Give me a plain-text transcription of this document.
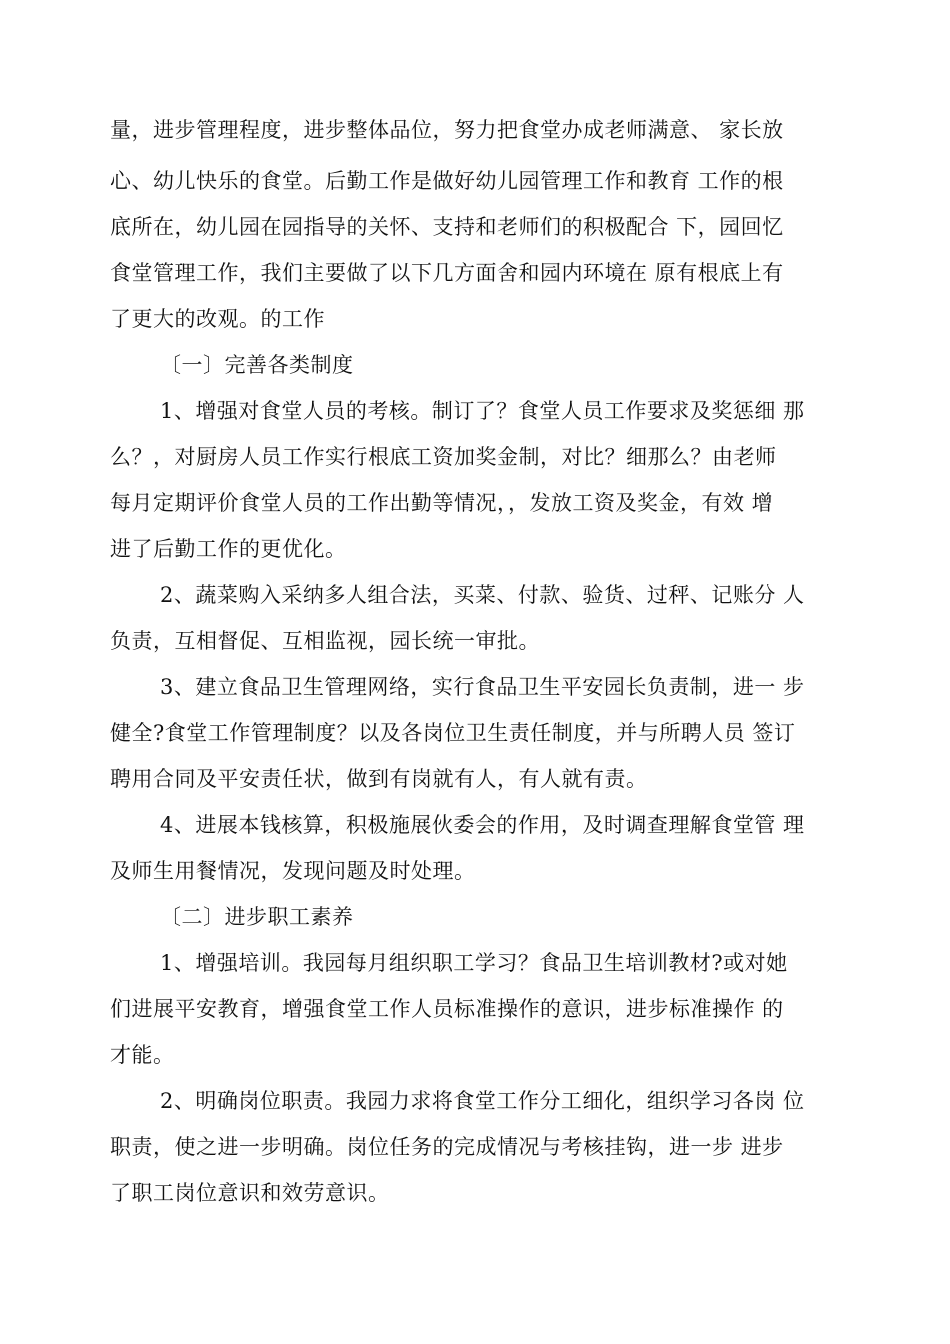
量，进步管理程度，进步整体品位，努力把食堂办成老师满意、 家长放
心、幼儿快乐的食堂。后勤工作是做好幼儿园管理工作和教育 工作的根
底所在，幼儿园在园指导的关怀、支持和老师们的积极配合 下，园回忆
食堂管理工作，我们主要做了以下几方面舍和园内环境在 原有根底上有
了更大的改观。的工作
〔一〕完善各类制度
1、增强对食堂人员的考核。制订了？食堂人员工作要求及奖惩细 那
么？，对厨房人员工作实行根底工资加奖金制，对比？细那么？由老师
每月定期评价食堂人员的工作出勤等情况，，发放工资及奖金，有效 增
进了后勤工作的更优化。
2、蔬菜购入采纳多人组合法，买菜、付款、验货、过秤、记账分 人
负责，互相督促、互相监视，园长统一审批。
3、建立食品卫生管理网络，实行食品卫生平安园长负责制，进一 步
健全?食堂工作管理制度？以及各岗位卫生责任制度，并与所聘人员 签订
聘用合同及平安责任状，做到有岗就有人，有人就有责。
4、进展本钱核算，积极施展伙委会的作用，及时调查理解食堂管 理
及师生用餐情况，发现问题及时处理。
〔二〕进步职工素养
1、增强培训。我园每月组织职工学习？食品卫生培训教材?或对她
们进展平安教育，增强食堂工作人员标准操作的意识，进步标准操作 的
才能。
2、明确岗位职责。我园力求将食堂工作分工细化，组织学习各岗 位
职责，使之进一步明确。岗位任务的完成情况与考核挂钩，进一步 进步
了职工岗位意识和效劳意识。
